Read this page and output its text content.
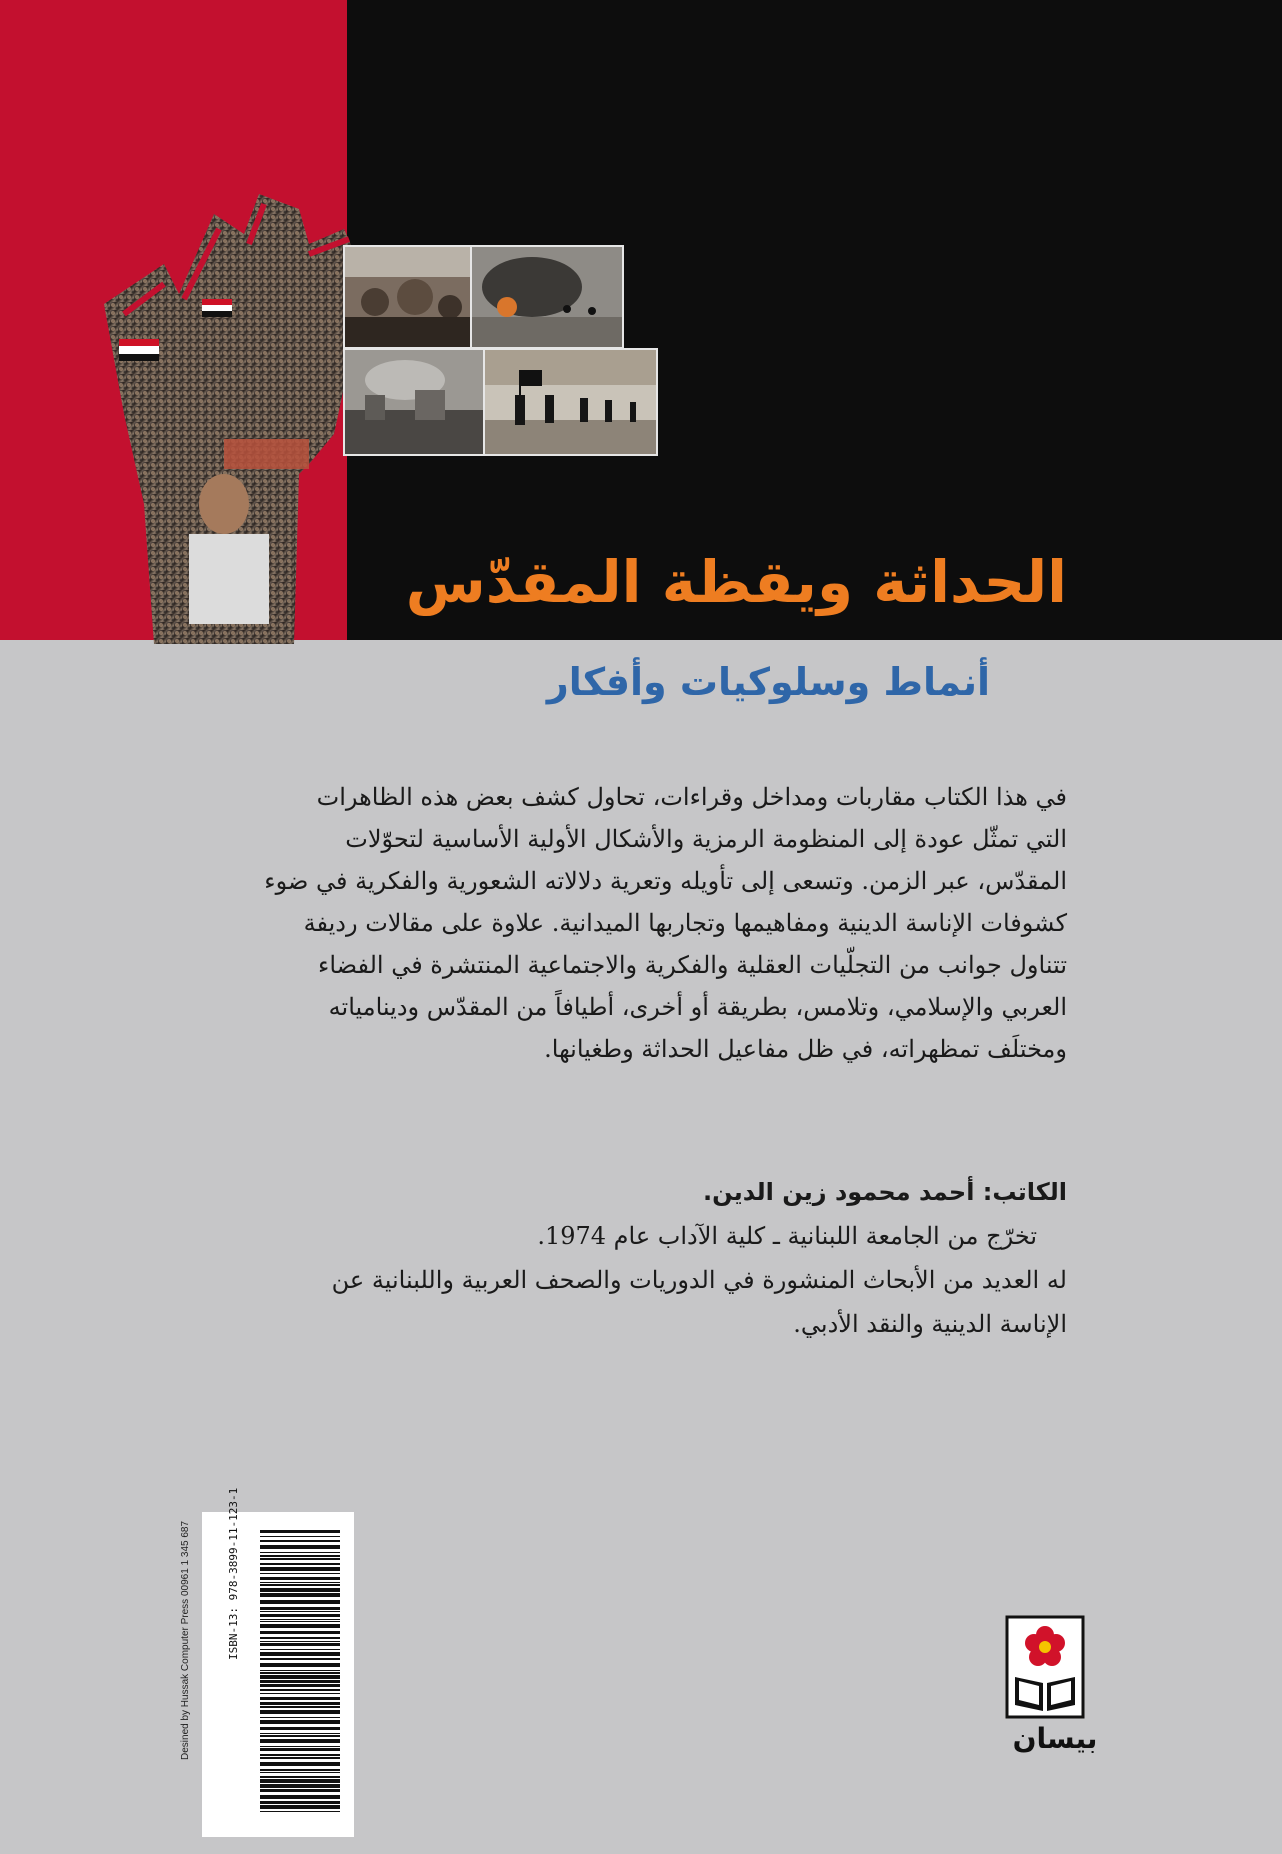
الحداثة ويقظة المقدّس
أنماط وسلوكيات وأفكار
في هذا الكتاب مقاربات ومداخل وقراءات، تحاول كشف بعض هذه الظاهرات
التي تمثّل عودة إلى المنظومة الرمزية والأشكال الأولية الأساسية لتحوّلات
المقدّس، عبر الزمن. وتسعى إلى تأويله وتعرية دلالاته الشعورية والفكرية في ضوء
كشوفات الإناسة الدينية ومفاهيمها وتجاربها الميدانية. علاوة على مقالات رديفة
تتناول جوانب من التجلّيات العقلية والفكرية والاجتماعية المنتشرة في الفضاء
العربي والإسلامي، وتلامس، بطريقة أو أخرى، أطيافاً من المقدّس ودينامياته
ومختلَف تمظهراته، في ظل مفاعيل الحداثة وطغيانها.
الكاتب: أحمد محمود زين الدين.
تخرّج من الجامعة اللبنانية ـ كلية الآداب عام 1974.
له العديد من الأبحاث المنشورة في الدوريات والصحف العربية واللبنانية عن
الإناسة الدينية والنقد الأدبي.
ISBN-13: 978-3899-11-123-1
Desined by Hussak Computer Press 00961 1 345 687	بيسان
